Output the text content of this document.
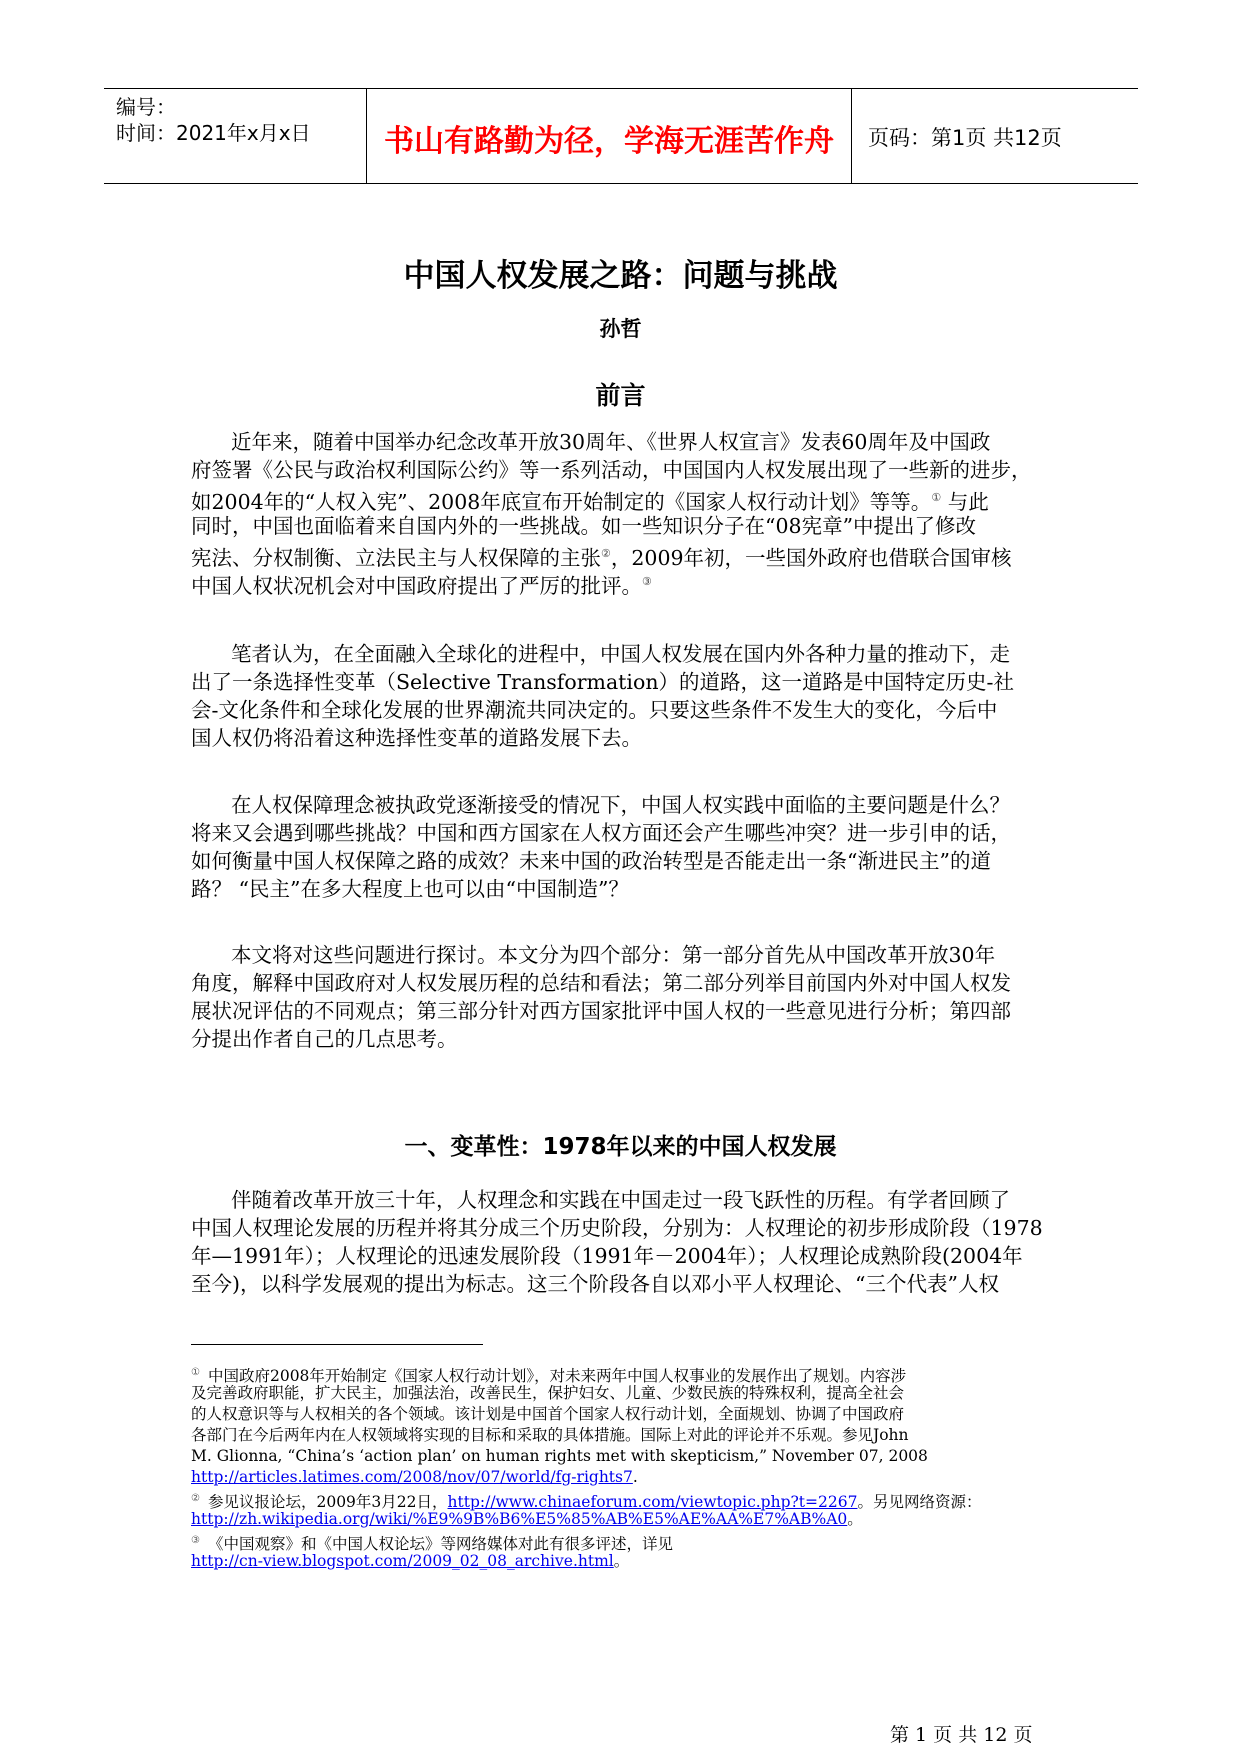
编号：
时间：2021年x月x日	书山有路勤为径，学海无涯苦作舟	页码：第1页 共12页
中国人权发展之路：问题与挑战
孙哲
前言
近年来，随着中国举办纪念改革开放30周年、《世界人权宣言》发表60周年及中国政
府签署《公民与政治权利国际公约》等一系列活动，中国国内人权发展出现了一些新的进步，
如2004年的“人权入宪”、2008年底宣布开始制定的《国家人权行动计划》等等。① 与此
同时，中国也面临着来自国内外的一些挑战。如一些知识分子在“08宪章”中提出了修改
宪法、分权制衡、立法民主与人权保障的主张②，2009年初，一些国外政府也借联合国审核
中国人权状况机会对中国政府提出了严厉的批评。③
笔者认为，在全面融入全球化的进程中，中国人权发展在国内外各种力量的推动下，走
出了一条选择性变革（Selective Transformation）的道路，这一道路是中国特定历史-社
会-文化条件和全球化发展的世界潮流共同决定的。只要这些条件不发生大的变化，今后中
国人权仍将沿着这种选择性变革的道路发展下去。
在人权保障理念被执政党逐渐接受的情况下，中国人权实践中面临的主要问题是什么？
将来又会遇到哪些挑战？中国和西方国家在人权方面还会产生哪些冲突？进一步引申的话，
如何衡量中国人权保障之路的成效？未来中国的政治转型是否能走出一条“渐进民主”的道
路？ “民主”在多大程度上也可以由“中国制造”？
本文将对这些问题进行探讨。本文分为四个部分：第一部分首先从中国改革开放30年
角度，解释中国政府对人权发展历程的总结和看法；第二部分列举目前国内外对中国人权发
展状况评估的不同观点；第三部分针对西方国家批评中国人权的一些意见进行分析；第四部
分提出作者自己的几点思考。
一、变革性：1978年以来的中国人权发展
伴随着改革开放三十年，人权理念和实践在中国走过一段飞跃性的历程。有学者回顾了
中国人权理论发展的历程并将其分成三个历史阶段，分别为：人权理论的初步形成阶段（1978
年—1991年）；人权理论的迅速发展阶段（1991年－2004年）；人权理论成熟阶段(2004年
至今)，以科学发展观的提出为标志。这三个阶段各自以邓小平人权理论、“三个代表”人权
① 中国政府2008年开始制定《国家人权行动计划》，对未来两年中国人权事业的发展作出了规划。内容涉
及完善政府职能，扩大民主，加强法治，改善民生，保护妇女、儿童、少数民族的特殊权利，提高全社会
的人权意识等与人权相关的各个领域。该计划是中国首个国家人权行动计划，全面规划、协调了中国政府
各部门在今后两年内在人权领域将实现的目标和采取的具体措施。国际上对此的评论并不乐观。参见John
M. Glionna, “China’s ‘action plan’ on human rights met with skepticism,” November 07, 2008
http://articles.latimes.com/2008/nov/07/world/fg-rights7.
② 参见议报论坛，2009年3月22日，http://www.chinaeforum.com/viewtopic.php?t=2267。另见网络资源：
http://zh.wikipedia.org/wiki/%E9%9B%B6%E5%85%AB%E5%AE%AA%E7%AB%A0。
③ 《中国观察》和《中国人权论坛》等网络媒体对此有很多评述，详见
http://cn-view.blogspot.com/2009_02_08_archive.html。
第 1 页 共 12 页
